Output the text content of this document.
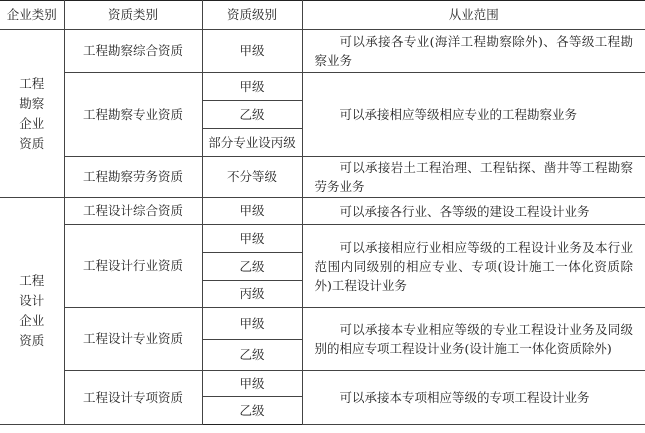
企业类别	资质类别	资质级别	从业范围

工程
勘察
企业
资质	工程勘察综合资质	甲级	可以承接各专业(海洋工程勘察除外)、各等级工程勘察业务
	工程勘察专业资质	甲级	可以承接相应等级相应专业的工程勘察业务
		乙级	
		部分专业设丙级	
	工程勘察劳务资质	不分等级	可以承接岩土工程治理、工程钻探、凿井等工程勘察劳务业务

工程
设计
企业
资质	工程设计综合资质	甲级	可以承接各行业、各等级的建设工程设计业务
	工程设计行业资质	甲级	可以承接相应行业相应等级的工程设计业务及本行业范围内同级别的相应专业、专项(设计施工一体化资质除外)工程设计业务
		乙级	
		丙级	
	工程设计专业资质	甲级	可以承接本专业相应等级的专业工程设计业务及同级别的相应专项工程设计业务(设计施工一体化资质除外)
		乙级	
	工程设计专项资质	甲级	可以承接本专项相应等级的专项工程设计业务
		乙级	
